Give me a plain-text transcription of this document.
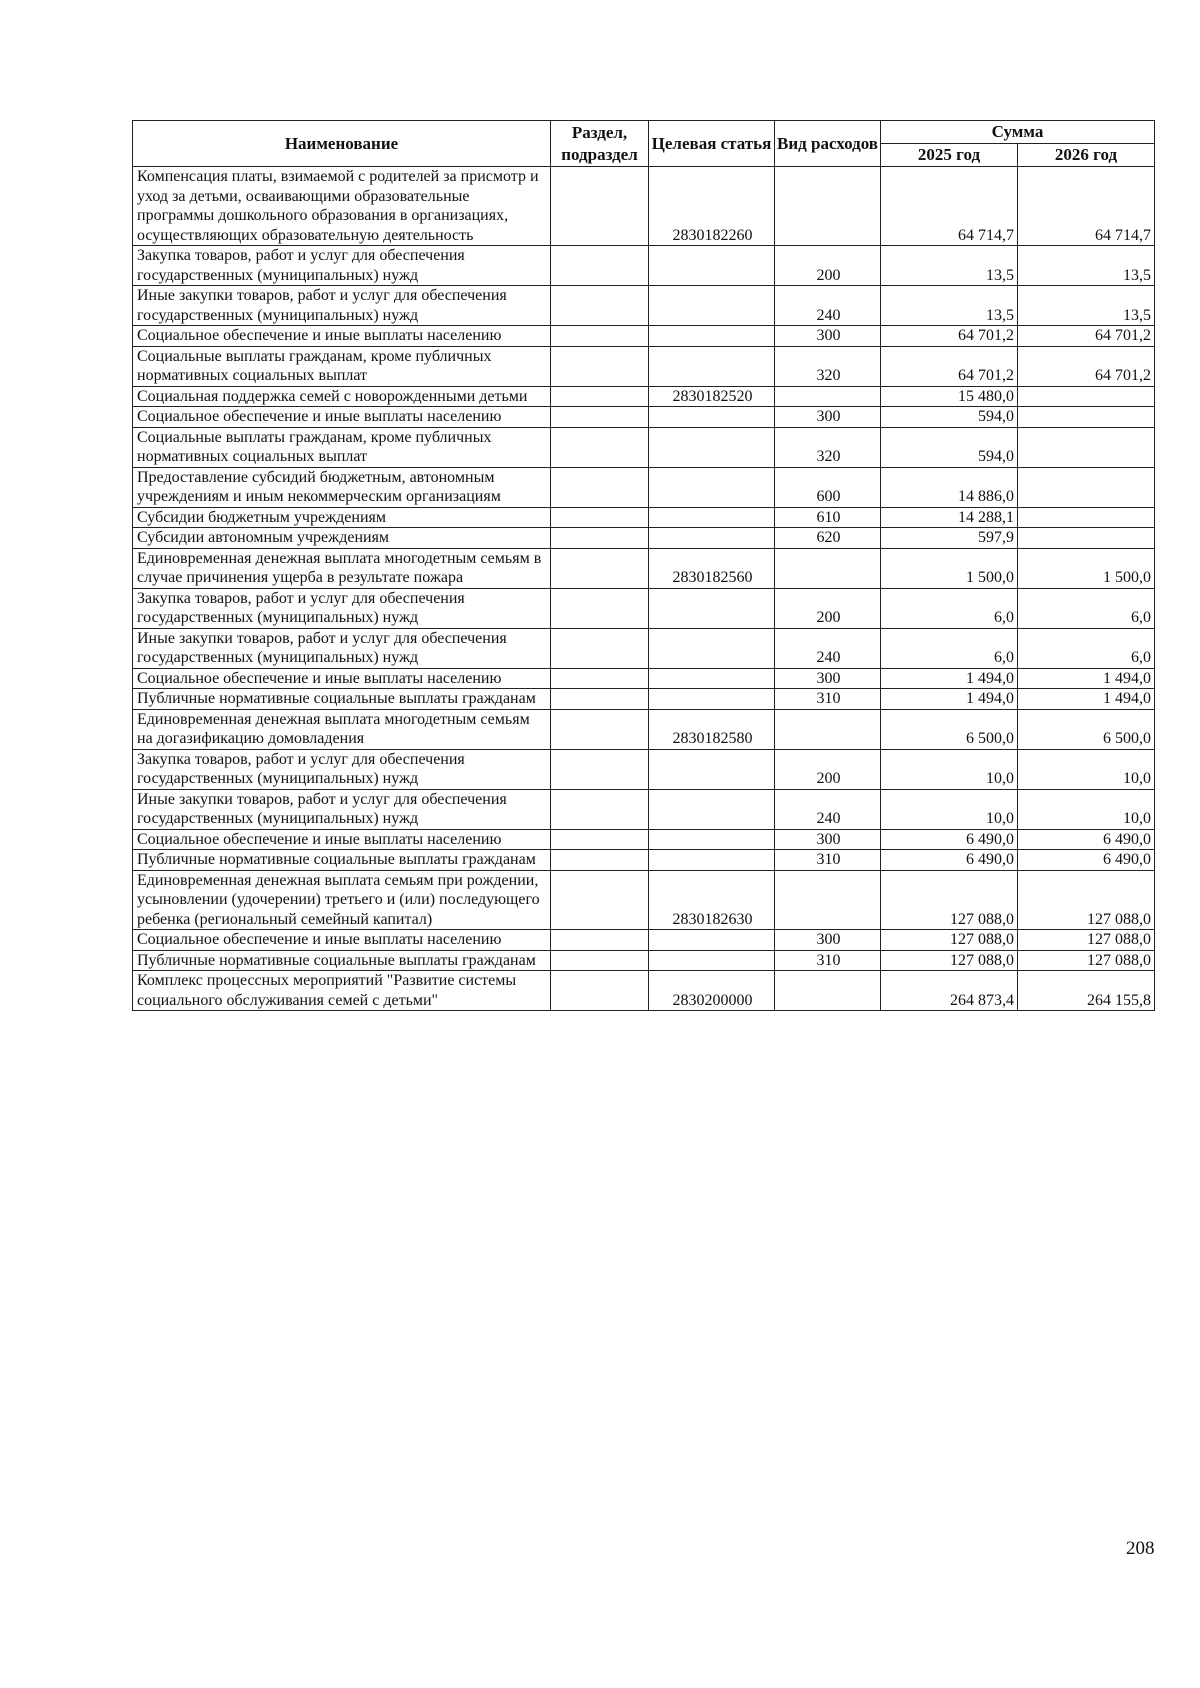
Наименование	Раздел, подраздел	Целевая статья	Вид расходов	Сумма	
				2025 год	2026 год
Компенсация платы, взимаемой с родителей за присмотр и уход за детьми, осваивающими образовательные программы дошкольного образования в организациях, осуществляющих образовательную деятельность		2830182260		64 714,7	64 714,7
Закупка товаров, работ и услуг для обеспечения государственных (муниципальных) нужд			200	13,5	13,5
Иные закупки товаров, работ и услуг для обеспечения государственных (муниципальных) нужд			240	13,5	13,5
Социальное обеспечение и иные выплаты населению			300	64 701,2	64 701,2
Социальные выплаты гражданам, кроме публичных нормативных социальных выплат			320	64 701,2	64 701,2
Социальная поддержка семей с новорожденными детьми		2830182520		15 480,0	
Социальное обеспечение и иные выплаты населению			300	594,0	
Социальные выплаты гражданам, кроме публичных нормативных социальных выплат			320	594,0	
Предоставление субсидий бюджетным, автономным учреждениям и иным некоммерческим организациям			600	14 886,0	
Субсидии бюджетным учреждениям			610	14 288,1	
Субсидии автономным учреждениям			620	597,9	
Единовременная денежная выплата многодетным семьям в случае причинения ущерба в результате пожара		2830182560		1 500,0	1 500,0
Закупка товаров, работ и услуг для обеспечения государственных (муниципальных) нужд			200	6,0	6,0
Иные закупки товаров, работ и услуг для обеспечения государственных (муниципальных) нужд			240	6,0	6,0
Социальное обеспечение и иные выплаты населению			300	1 494,0	1 494,0
Публичные нормативные социальные выплаты гражданам			310	1 494,0	1 494,0
Единовременная денежная выплата многодетным семьям на догазификацию домовладения		2830182580		6 500,0	6 500,0
Закупка товаров, работ и услуг для обеспечения государственных (муниципальных) нужд			200	10,0	10,0
Иные закупки товаров, работ и услуг для обеспечения государственных (муниципальных) нужд			240	10,0	10,0
Социальное обеспечение и иные выплаты населению			300	6 490,0	6 490,0
Публичные нормативные социальные выплаты гражданам			310	6 490,0	6 490,0
Единовременная денежная выплата семьям при рождении, усыновлении (удочерении) третьего и (или) последующего ребенка (региональный семейный капитал)		2830182630		127 088,0	127 088,0
Социальное обеспечение и иные выплаты населению			300	127 088,0	127 088,0
Публичные нормативные социальные выплаты гражданам			310	127 088,0	127 088,0
Комплекс процессных мероприятий "Развитие системы социального обслуживания семей с детьми"		2830200000		264 873,4	264 155,8
208
